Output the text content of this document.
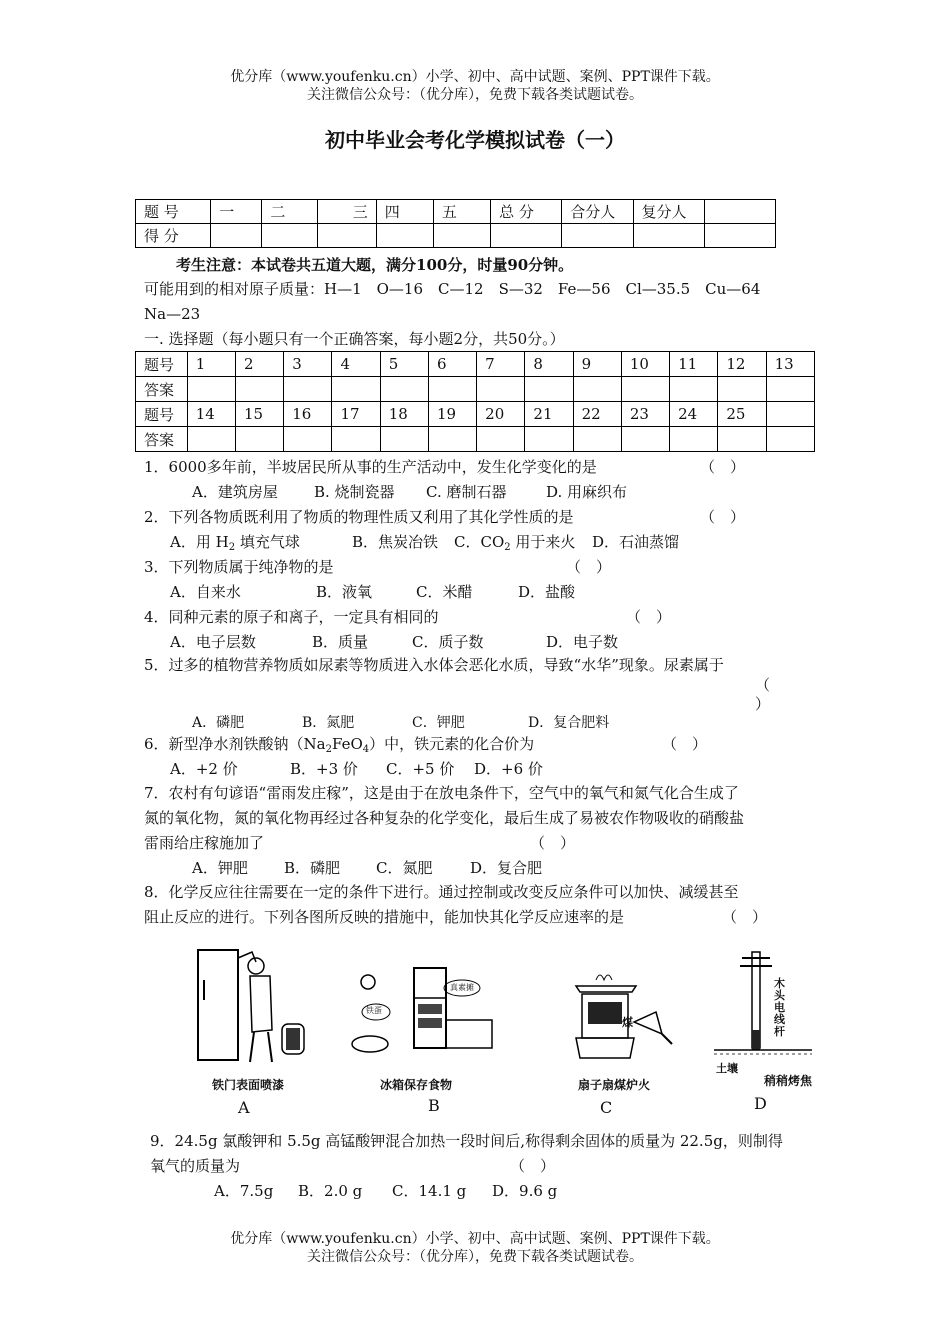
优分库（www.youfenku.cn）小学、初中、高中试题、案例、PPT课件下载。
关注微信公众号：（优分库），免费下载各类试题试卷。
初中毕业会考化学模拟试卷（一）
题 号	一	二	三	四	五	总 分	合分人	复分人	
得 分									
考生注意：本试卷共五道大题，满分100分，时量90分钟。
可能用到的相对原子质量：H—1　O—16　C—12　S—32　Fe—56　Cl—35.5　Cu—64
Na—23
一. 选择题（每小题只有一个正确答案，每小题2分，共50分。）
题号	1	2	3	4	5	6	7	8	9	10	11	12	13
答案													
题号	14	15	16	17	18	19	20	21	22	23	24	25	
答案													
1．6000多年前，半坡居民所从事的生产活动中，发生化学变化的是	（　）
A．建筑房屋 B. 烧制瓷器 C. 磨制石器	D. 用麻织布
2．下列各物质既利用了物质的物理性质又利用了其化学性质的是	（　）
A．用 $H_2$ 填充气球	B．焦炭冶铁 C．$CO_2$ 用于来火 D．石油蒸馏
3．下列物质属于纯净物的是	（　）
A．自来水	B．液氧	C．米醋	D．盐酸
4．同种元素的原子和离子，一定具有相同的	（　）
A．电子层数	B．质量	C．质子数	D．电子数
5．过多的植物营养物质如尿素等物质进入水体会恶化水质，导致“水华”现象。尿素属于
（
）
A．磷肥	B．氮肥	C．钾肥	D．复合肥料
6．新型净水剂铁酸钠$(Na_2FeO_4)$中，铁元素的化合价为	（　）
A．+2 价	B．+3 价 C．+5 价 D．+6 价
7．农村有句谚语“雷雨发庄稼”，这是由于在放电条件下，空气中的氧气和氮气化合生成了
氮的氧化物，氮的氧化物再经过各种复杂的化学变化，最后生成了易被农作物吸收的硝酸盐
雷雨给庄稼施加了	（　）
A．钾肥 B．磷肥 C．氮肥	D．复合肥
8．化学反应往往需要在一定的条件下进行。通过控制或改变反应条件可以加快、减缓甚至
阻止反应的进行。下列各图所反映的措施中，能加快其化学反应速率的是	（　）
铁门表面喷漆
A
铁蛋
真素摊
冰箱保存食物
B
煤
扇子扇煤炉火
C
木头电线杆
土壤
稍稍烤焦
D
9．24.5g 氯酸钾和 5.5g 高锰酸钾混合加热一段时间后,称得剩余固体的质量为 22.5g，则制得
氧气的质量为	（　）
A．7.5g B．2.0 g C．14.1 g D．9.6 g
优分库（www.youfenku.cn）小学、初中、高中试题、案例、PPT课件下载。
关注微信公众号：（优分库），免费下载各类试题试卷。
